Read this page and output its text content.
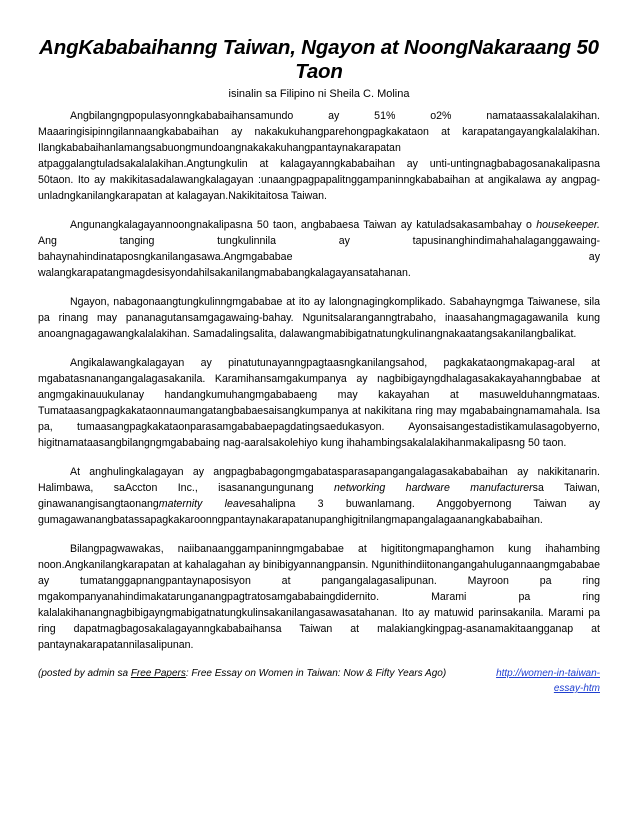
AngKababaihanng Taiwan, Ngayon at NoongNakaraang 50 Taon
isinalin sa Filipino ni Sheila C. Molina

Angbilangngpopulasyonngkababaihansamundo ay 51% o2% namataassakalalakihan. Maaaringisipinngilannaangkababaihan ay nakakukuhangparehongpagkakataon at karapatangayangkalalakihan. Ilangkababaihanlamangsabuongmundoangnakakakuhangpantaynakarapatan atpaggalangtuladsakalalakihan.Angtungkulin at kalagayanngkababaihan ay unti-untingnagbabagosanakalipasna 50taon. Ito ay makikitasadalawangkalagayan :unaangpagpapalitnggampaninngkababaihan at angikalawa ay angpag-unladngkanilangkarapatan at kalagayan.Nakikitaitosa Taiwan.

Angunangkalagayannoongnakalipasna 50 taon, angbabaesa Taiwan ay katuladsakasambahay o housekeeper. Ang tanging tungkulinnila ay tapusinanghindimahahalaganggawaing-bahaynahindinataposngkanilangasawa.Angmgababae ay walangkarapatangmagdesisyondahilsakanilangmababangkalagayansatahanan.

Ngayon, nabagonaangtungkulinngmgababae at ito ay lalongnagingkomplikado. Sabahayngmga Taiwanese, sila pa rinang may pananagutansamgagawaing-bahay. Ngunitsalaranganngtrabaho, inaasahangmagagawanila kung anoangnagagawangkalalakihan. Samadalingsalita, dalawangmabibigatnatungkulinangnakaatangsakanilangbalikat.

Angikalawangkalagayan ay pinatutunayanngpagtaasngkanilangsahod, pagkakataongmakapag-aral at mgabatasnanangangalagasakanila. Karamihansamgakumpanya ay nagbibigayngdhalagasakakayahanngbabae at angmgakinauukulanay handangkumuhangmgababaeng may kakayahan at masuwelduhanngmataas. Tumataasangpagkakataonnaumangatangbabaesaisangkumpanya at nakikitana ring may mgababaingnamamahala. Isa pa, tumaasangpagkakataonparasamgababaepagdatingsaedukasyon. Ayonsaisangestadistikamulasagobyerno, higitnamataasangbilangngmgababaing nag-aaralsakolehiyo kung ihahambingsakalalakihanmakalipasng 50 taon.

At anghulingkalagayan ay angpagbabagongmgabatasparasapangangalagasakababaihan ay nakikitanarin. Halimbawa, saAccton Inc., isasanangungunang networking hardware manufacturersa Taiwan, ginawanangisangtaonangmaternity leavesahalipna 3 buwanlamang. Anggobyernong Taiwan ay gumagawanangbatassapagkakaroonngpantaynakarapatanupanghigitnilangmapangalagaanangkababaihan.

Bilangpagwawakas, naiibanaanggampaninngmgababae at higititongmapanghamon kung ihahambing noon.Angkanilangkarapatan at kahalagahan ay binibigyannangpansin. Ngunithindiitonangangahulugannaangmgababae ay tumatanggapnangpantaynaposisyon at pangangalagasalipunan. Mayroon pa ring mgakompanyanahindimakatarunganangpagtratosamgababaingdidernito. Marami pa ring kalalakihanangnagbibigayngmabigatnatungkulinsakanilangasawasatahanan. Ito ay matuwid parinsakanila. Marami pa ring dapatmagbagosakalagayanngkababaihansa Taiwan at malakiangkingpag-asanamakitaangganap at pantaynakarapatannilasalipunan.

http://women-in-taiwan-essay-htm
(posted by admin sa Free Papers: Free Essay on Women in Taiwan: Now & Fifty Years Ago)
